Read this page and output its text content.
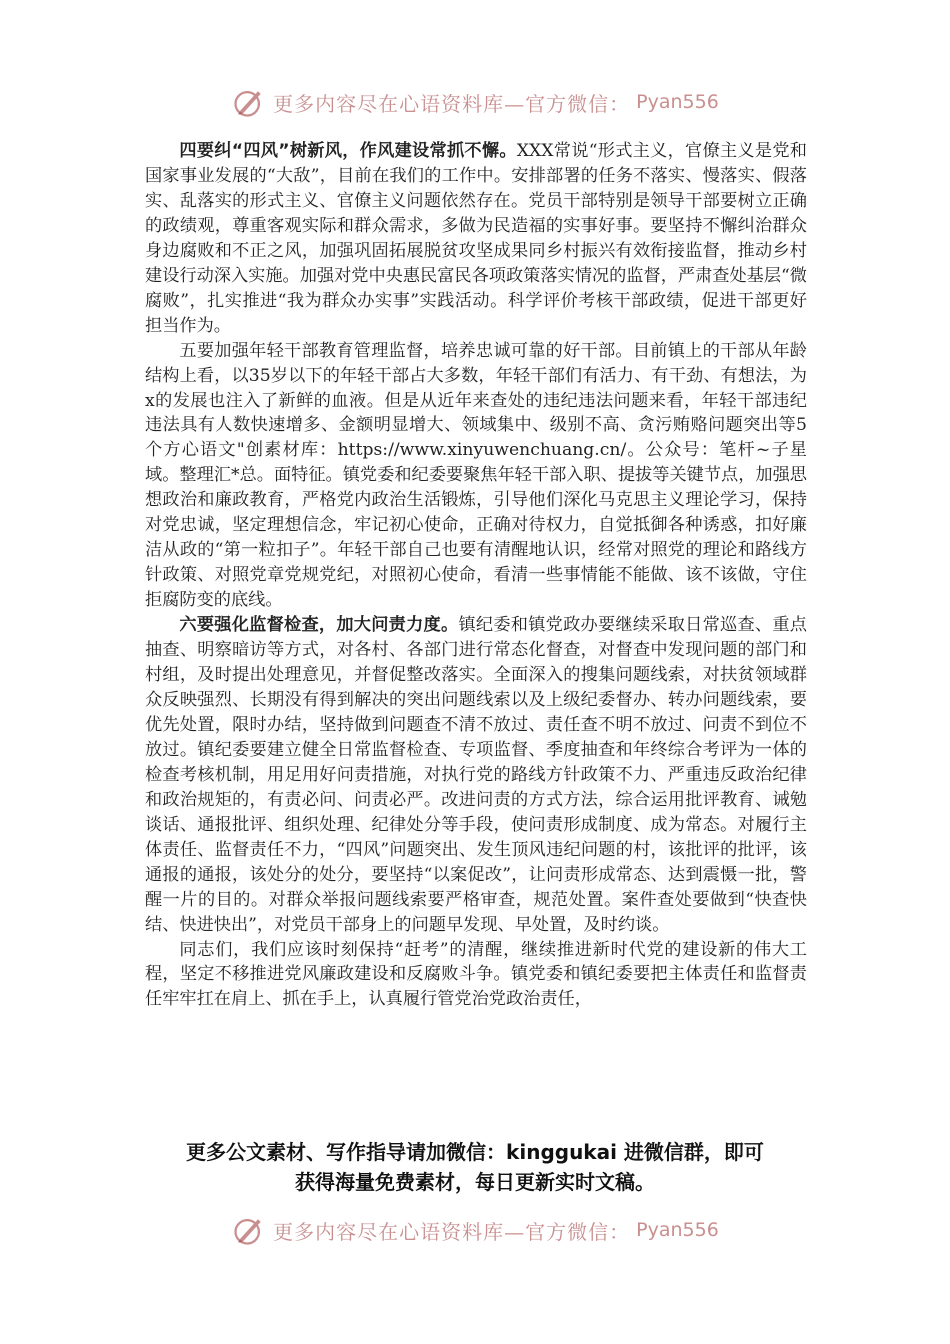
更多内容尽在心语资料库—官方微信： Pyan556

四要纠“四风”树新风，作风建设常抓不懈。XXX常说“形式主义，官僚主义是党和国家事业发展的“大敌”，目前在我们的工作中。安排部署的任务不落实、慢落实、假落实、乱落实的形式主义、官僚主义问题依然存在。党员干部特别是领导干部要树立正确的政绩观，尊重客观实际和群众需求，多做为民造福的实事好事。要坚持不懈纠治群众身边腐败和不正之风，加强巩固拓展脱贫攻坚成果同乡村振兴有效衔接监督，推动乡村建设行动深入实施。加强对党中央惠民富民各项政策落实情况的监督，严肃查处基层“微腐败”，扎实推进“我为群众办实事”实践活动。科学评价考核干部政绩，促进干部更好担当作为。

五要加强年轻干部教育管理监督，培养忠诚可靠的好干部。目前镇上的干部从年龄结构上看，以35岁以下的年轻干部占大多数，年轻干部们有活力、有干劲、有想法，为x的发展也注入了新鲜的血液。但是从近年来查处的违纪违法问题来看，年轻干部违纪违法具有人数快速增多、金额明显增大、领域集中、级别不高、贪污贿赂问题突出等5个方心语文"创素材库：https://www.xinyuwenchuang.cn/。公众号：笔杆~子星域。整理汇*总。面特征。镇党委和纪委要聚焦年轻干部入职、提拔等关键节点，加强思想政治和廉政教育，严格党内政治生活锻炼，引导他们深化马克思主义理论学习，保持对党忠诚，坚定理想信念，牢记初心使命，正确对待权力，自觉抵御各种诱惑，扣好廉洁从政的“第一粒扣子”。年轻干部自己也要有清醒地认识，经常对照党的理论和路线方针政策、对照党章党规党纪，对照初心使命，看清一些事情能不能做、该不该做，守住拒腐防变的底线。

六要强化监督检查，加大问责力度。镇纪委和镇党政办要继续采取日常巡查、重点抽查、明察暗访等方式，对各村、各部门进行常态化督查，对督查中发现问题的部门和村组，及时提出处理意见，并督促整改落实。全面深入的搜集问题线索，对扶贫领域群众反映强烈、长期没有得到解决的突出问题线索以及上级纪委督办、转办问题线索，要优先处置，限时办结，坚持做到问题查不清不放过、责任查不明不放过、问责不到位不放过。镇纪委要建立健全日常监督检查、专项监督、季度抽查和年终综合考评为一体的检查考核机制，用足用好问责措施，对执行党的路线方针政策不力、严重违反政治纪律和政治规矩的，有责必问、问责必严。改进问责的方式方法，综合运用批评教育、诫勉谈话、通报批评、组织处理、纪律处分等手段，使问责形成制度、成为常态。对履行主体责任、监督责任不力，“四风”问题突出、发生顶风违纪问题的村，该批评的批评，该通报的通报，该处分的处分，要坚持“以案促改”，让问责形成常态、达到震慑一批，警醒一片的目的。对群众举报问题线索要严格审查，规范处置。案件查处要做到“快查快结、快进快出”，对党员干部身上的问题早发现、早处置，及时约谈。

同志们，我们应该时刻保持“赶考”的清醒，继续推进新时代党的建设新的伟大工程，坚定不移推进党风廉政建设和反腐败斗争。镇党委和镇纪委要把主体责任和监督责任牢牢扛在肩上、抓在手上，认真履行管党治党政治责任，

更多公文素材、写作指导请加微信：kinggukai 进微信群，即可
获得海量免费素材，每日更新实时文稿。
更多内容尽在心语资料库—官方微信： Pyan556
